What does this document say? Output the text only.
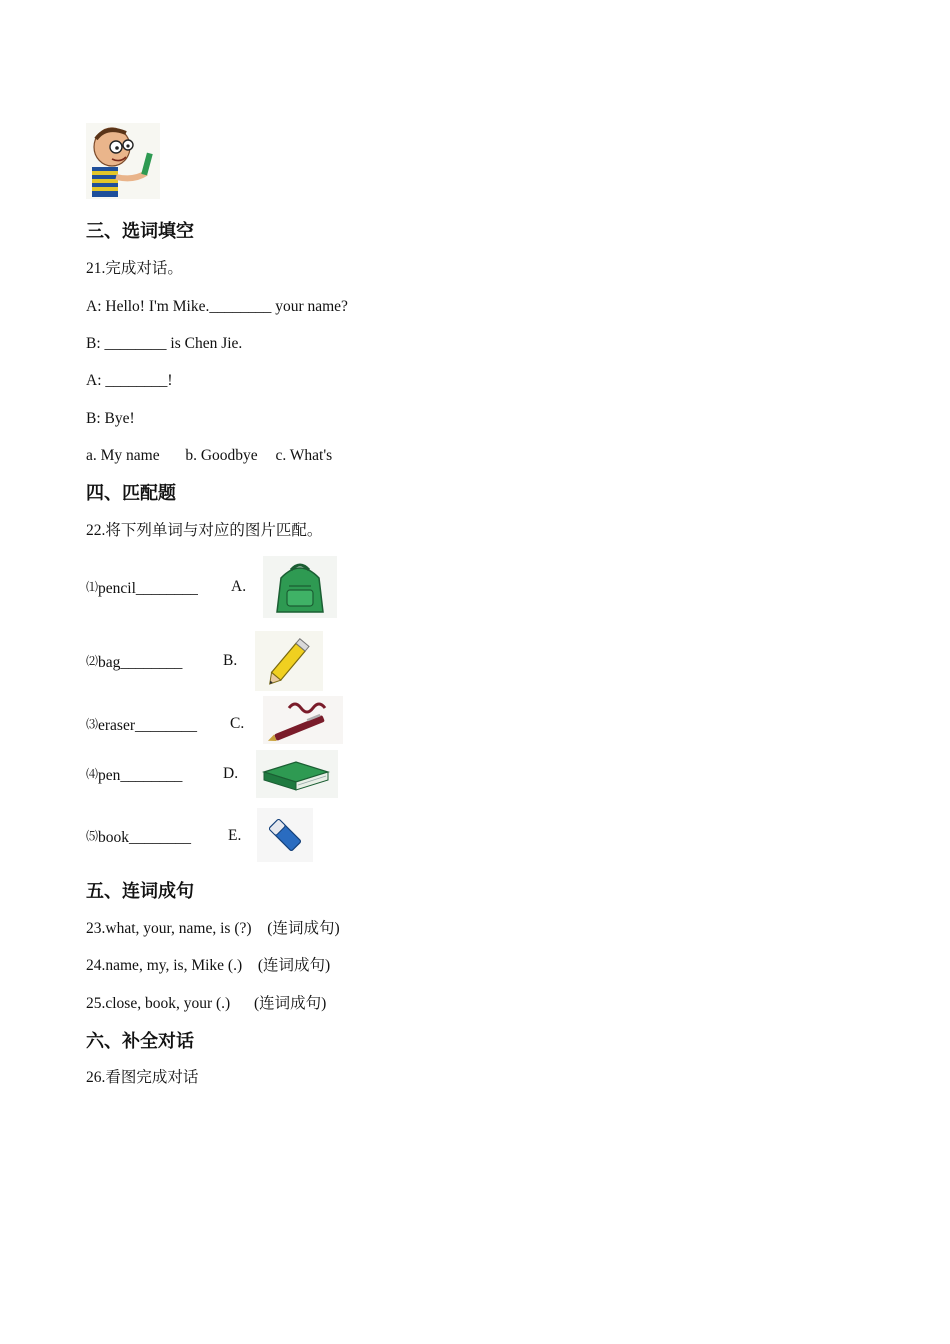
三、选词填空
21.完成对话。
A: Hello! I'm Mike.________ your name?
B: ________ is Chen Jie.
A: ________!
B: Bye!
a. My name b. Goodbye c. What's
四、匹配题
22.将下列单词与对应的图片匹配。
⑴pencil________ A.
⑵bag________	B.
⑶eraser________ C.
⑷pen________	D.
⑸book________ E.
五、连词成句
23.what, your, name, is (?) (连词成句)
24.name, my, is, Mike (.) (连词成句)
25.close, book, your (.) (连词成句)
六、补全对话
26.看图完成对话
